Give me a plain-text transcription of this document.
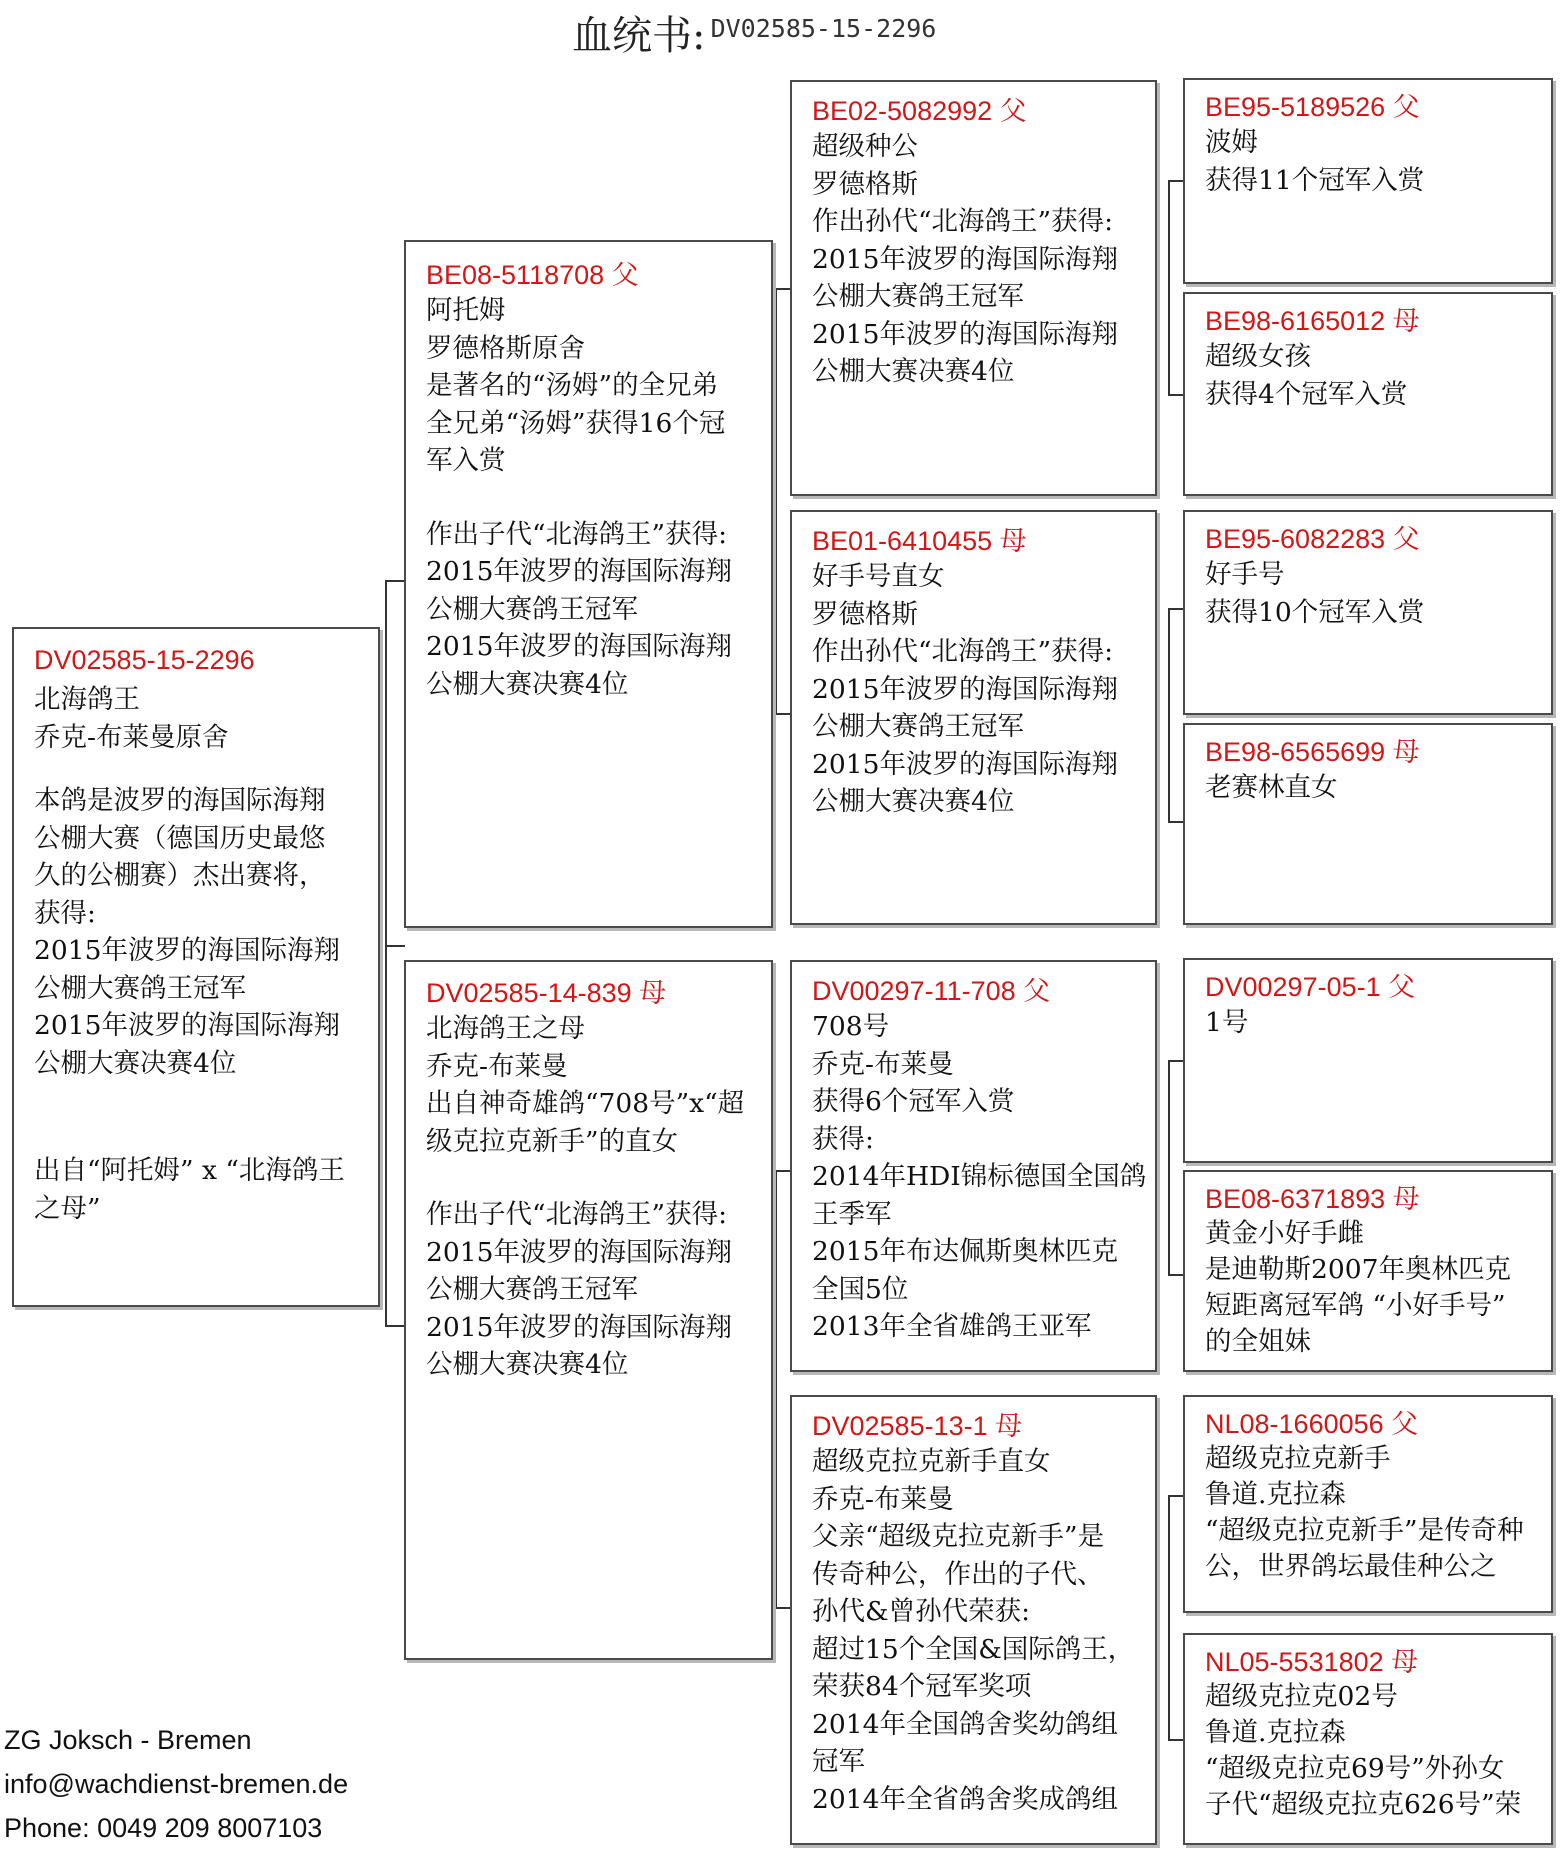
血统书: DV02585-15-2296
DV02585-15-2296
北海鸽王
乔克-布莱曼原舍
本鸽是波罗的海国际海翔
公棚大赛（德国历史最悠
久的公棚赛）杰出赛将，
获得:
2015年波罗的海国际海翔
公棚大赛鸽王冠军
2015年波罗的海国际海翔
公棚大赛决赛4位
出自“阿托姆” x “北海鸽王
之母”
BE08-5118708 父
阿托姆
罗德格斯原舍
是著名的“汤姆”的全兄弟
全兄弟“汤姆”获得16个冠
军入赏
作出子代“北海鸽王”获得:
2015年波罗的海国际海翔
公棚大赛鸽王冠军
2015年波罗的海国际海翔
公棚大赛决赛4位
DV02585-14-839 母
北海鸽王之母
乔克-布莱曼
出自神奇雄鸽“708号”x“超
级克拉克新手”的直女
作出子代“北海鸽王”获得:
2015年波罗的海国际海翔
公棚大赛鸽王冠军
2015年波罗的海国际海翔
公棚大赛决赛4位
BE02-5082992 父
超级种公
罗德格斯
作出孙代“北海鸽王”获得:
2015年波罗的海国际海翔
公棚大赛鸽王冠军
2015年波罗的海国际海翔
公棚大赛决赛4位
BE01-6410455 母
好手号直女
罗德格斯
作出孙代“北海鸽王”获得:
2015年波罗的海国际海翔
公棚大赛鸽王冠军
2015年波罗的海国际海翔
公棚大赛决赛4位
DV00297-11-708 父
708号
乔克-布莱曼
获得6个冠军入赏
获得:
2014年HDI锦标德国全国鸽
王季军
2015年布达佩斯奥林匹克
全国5位
2013年全省雄鸽王亚军
DV02585-13-1 母
超级克拉克新手直女
乔克-布莱曼
父亲“超级克拉克新手”是
传奇种公，作出的子代、
孙代&曾孙代荣获:
超过15个全国&国际鸽王，
荣获84个冠军奖项
2014年全国鸽舍奖幼鸽组
冠军
2014年全省鸽舍奖成鸽组
BE95-5189526 父
波姆
获得11个冠军入赏
BE98-6165012 母
超级女孩
获得4个冠军入赏
BE95-6082283 父
好手号
获得10个冠军入赏
BE98-6565699 母
老赛林直女
DV00297-05-1 父
1号
BE08-6371893 母
黄金小好手雌
是迪勒斯2007年奥林匹克
短距离冠军鸽 “小好手号”
的全姐妹
NL08-1660056 父
超级克拉克新手
鲁道.克拉森
“超级克拉克新手”是传奇种
公，世界鸽坛最佳种公之
NL05-5531802 母
超级克拉克02号
鲁道.克拉森
“超级克拉克69号”外孙女
子代“超级克拉克626号”荣
ZG Joksch - Bremen
info@wachdienst-bremen.de
Phone: 0049 209 8007103
